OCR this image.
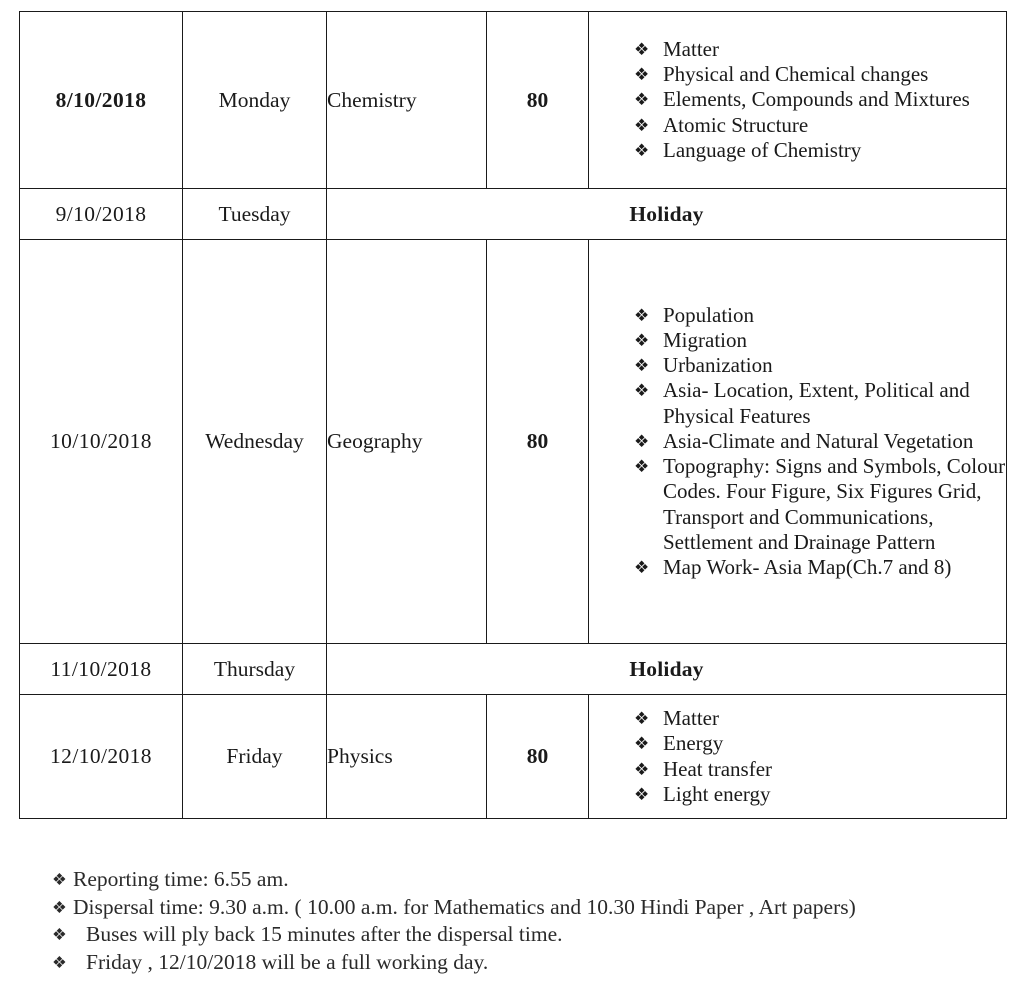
8/10/2018	Monday	Chemistry	80	
❖ Matter
❖ Physical and Chemical changes
❖ Elements, Compounds and Mixtures
❖ Atomic Structure
❖ Language of Chemistry

9/10/2018	Tuesday	Holiday		
10/10/2018	Wednesday	Geography	80	
❖ Population
❖ Migration
❖ Urbanization
❖ Asia- Location, Extent, Political and Physical Features
❖ Asia-Climate and Natural Vegetation
❖ Topography: Signs and Symbols, Colour Codes. Four Figure, Six Figures Grid, Transport and Communications, Settlement and Drainage Pattern
❖ Map Work- Asia Map(Ch.7 and 8)

11/10/2018	Thursday	Holiday		
12/10/2018	Friday	Physics	80	
❖ Matter
❖ Energy
❖ Heat transfer
❖ Light energy
❖ Reporting time: 6.55 am.
❖ Dispersal time: 9.30 a.m. ( 10.00 a.m. for Mathematics and 10.30 Hindi Paper , Art papers)
❖ Buses will ply back 15 minutes after the dispersal time.
❖ Friday , 12/10/2018 will be a full working day.
